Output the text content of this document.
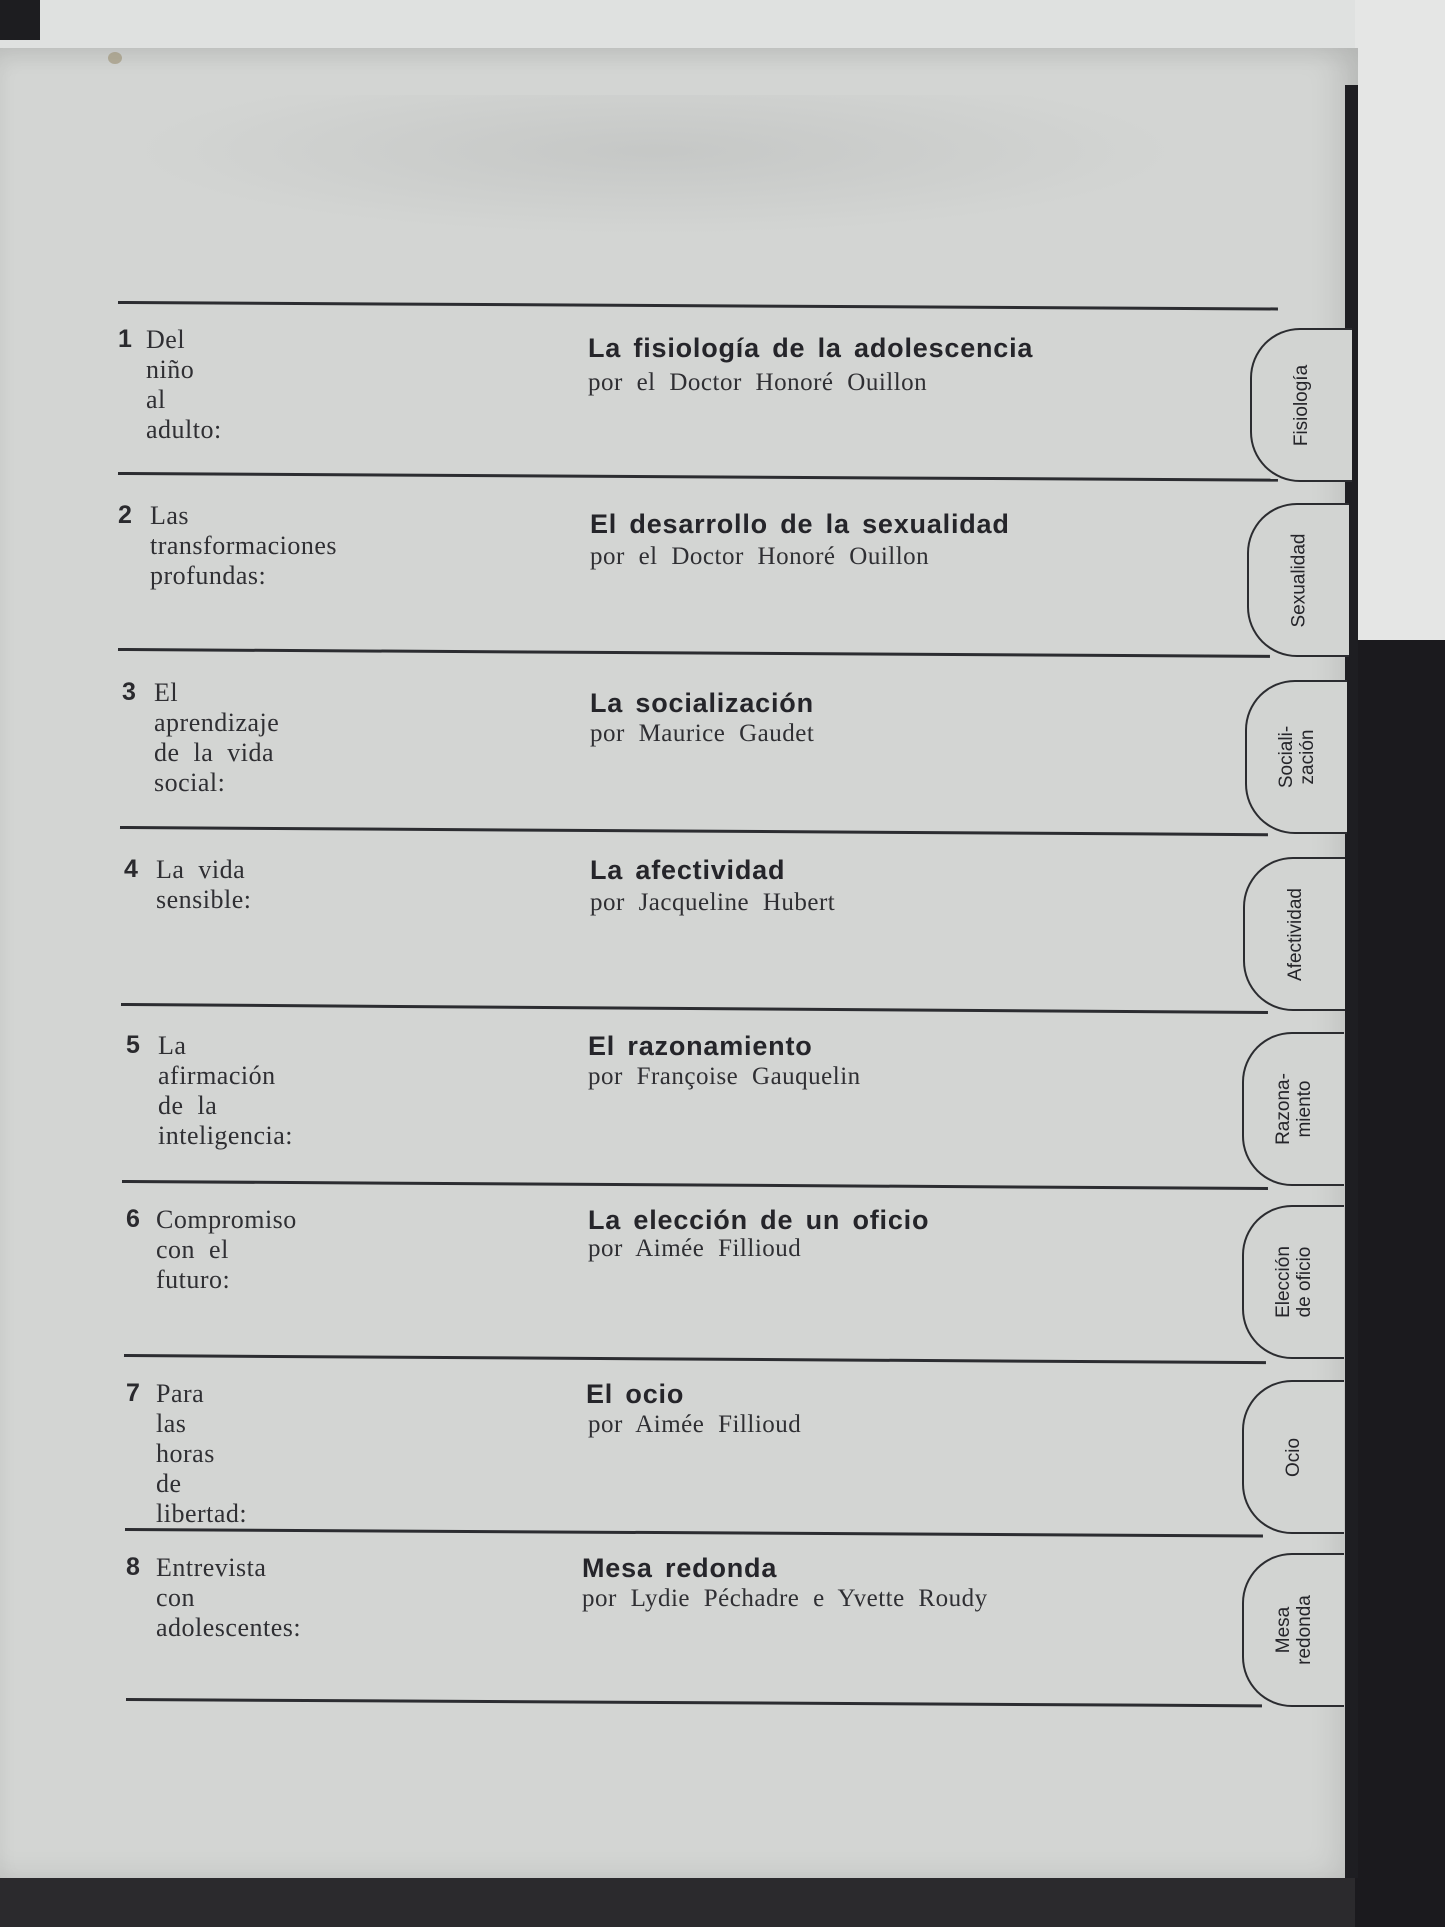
1 Del niño al adulto:
La fisiología de la adolescencia
por el Doctor Honoré Ouillon
2 Las transformaciones profundas:
El desarrollo de la sexualidad
por el Doctor Honoré Ouillon
3 El aprendizaje
de la vida social:
La socialización
por Maurice Gaudet
4 La vida sensible:
La afectividad
por Jacqueline Hubert
5 La afirmación
de la inteligencia:
El razonamiento
por Françoise Gauquelin
6 Compromiso con el futuro:
La elección de un oficio
por Aimée Fillioud
7 Para las horas de libertad:
El ocio
por Aimée Fillioud
8 Entrevista con adolescentes:
Mesa redonda
por Lydie Péchadre e Yvette Roudy
Fisiología
Sexualidad
Sociali-
zación
Afectividad
Razona-
miento
Elección
de oficio
Ocio
Mesa
redonda
